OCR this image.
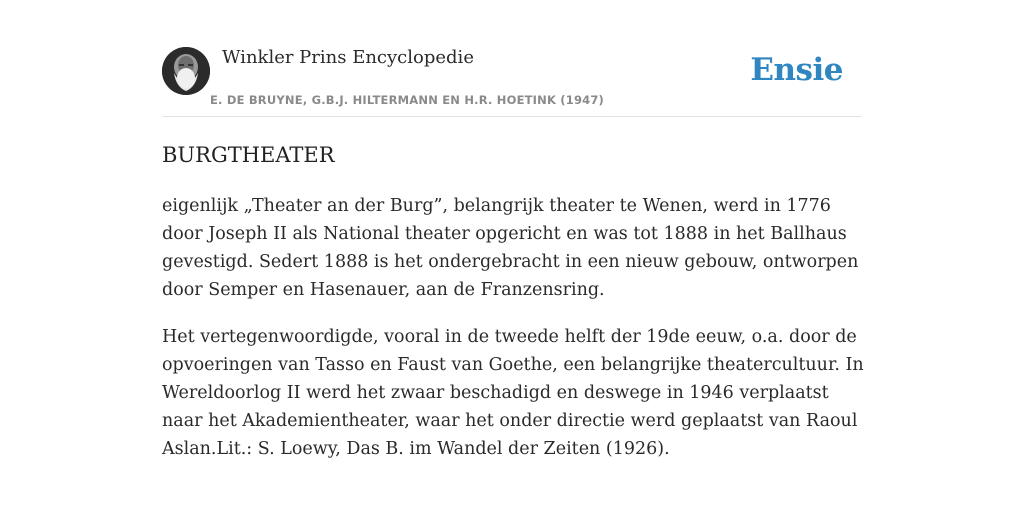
Winkler Prins Encyclopedie
E. DE BRUYNE, G.B.J. HILTERMANN EN H.R. HOETINK (1947)
Ensie
BURGTHEATER

eigenlijk „Theater an der Burg”, belangrijk theater te Wenen, werd in 1776 door Joseph II als National theater opgericht en was tot 1888 in het Ballhaus gevestigd. Sedert 1888 is het ondergebracht in een nieuw gebouw, ontworpen door Semper en Hasenauer, aan de Franzensring.

Het vertegenwoordigde, vooral in de tweede helft der 19de eeuw, o.a. door de opvoeringen van Tasso en Faust van Goethe, een belangrijke theatercultuur. In Wereldoorlog II werd het zwaar beschadigd en deswege in 1946 verplaatst naar het Akademientheater, waar het onder directie werd geplaatst van Raoul Aslan.Lit.: S. Loewy, Das B. im Wandel der Zeiten (1926).
